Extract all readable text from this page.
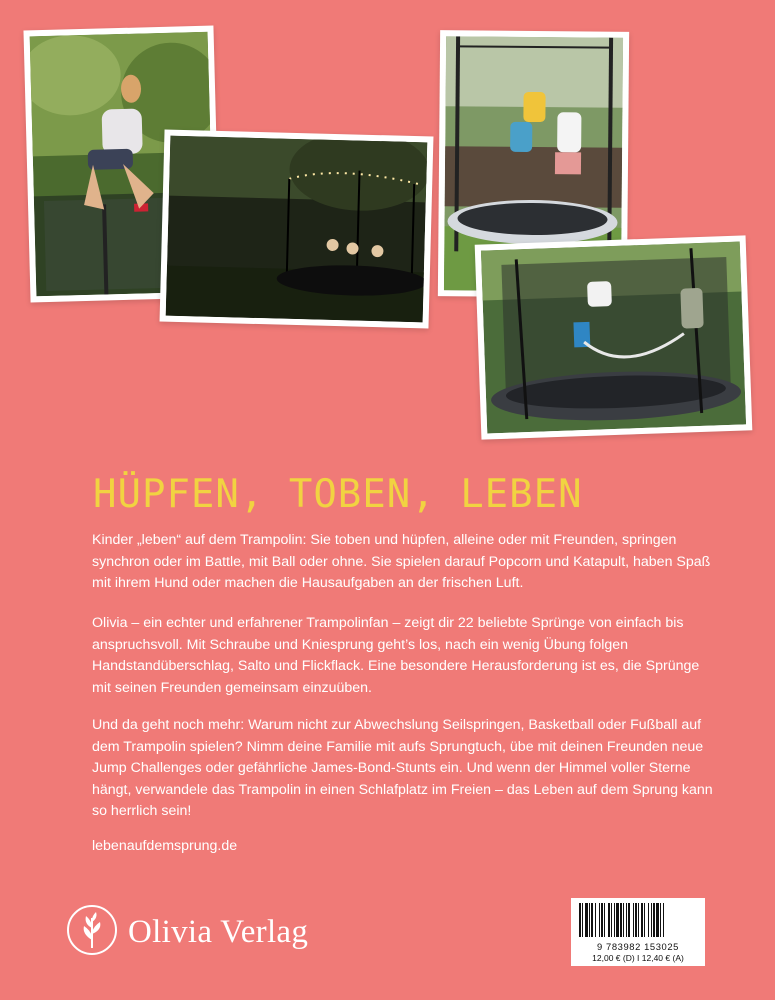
HÜPFEN, TOBEN, LEBEN

Kinder „leben“ auf dem Trampolin: Sie toben und hüpfen, alleine oder mit Freunden, springen synchron oder im Battle, mit Ball oder ohne. Sie spielen darauf Popcorn und Katapult, haben Spaß mit ihrem Hund oder machen die Hausaufgaben an der frischen Luft.

Olivia – ein echter und erfahrener Trampolinfan – zeigt dir 22 beliebte Sprünge von einfach bis anspruchsvoll. Mit Schraube und Kniesprung geht’s los, nach ein wenig Übung folgen Handstandüberschlag, Salto und Flickflack. Eine besondere Herausforderung ist es, die Sprünge mit seinen Freunden gemeinsam einzuüben.

Und da geht noch mehr: Warum nicht zur Abwechslung Seilspringen, Basketball oder Fußball auf dem Trampolin spielen? Nimm deine Familie mit aufs Sprungtuch, übe mit deinen Freunden neue Jump Challenges oder gefährliche James-Bond-Stunts ein. Und wenn der Himmel voller Sterne hängt, verwandele das Trampolin in einen Schlafplatz im Freien – das Leben auf dem Sprung kann so herrlich sein!

lebenaufdemsprung.de

Olivia Verlag	9 783982 153025
12,00 € (D) I 12,40 € (A)
